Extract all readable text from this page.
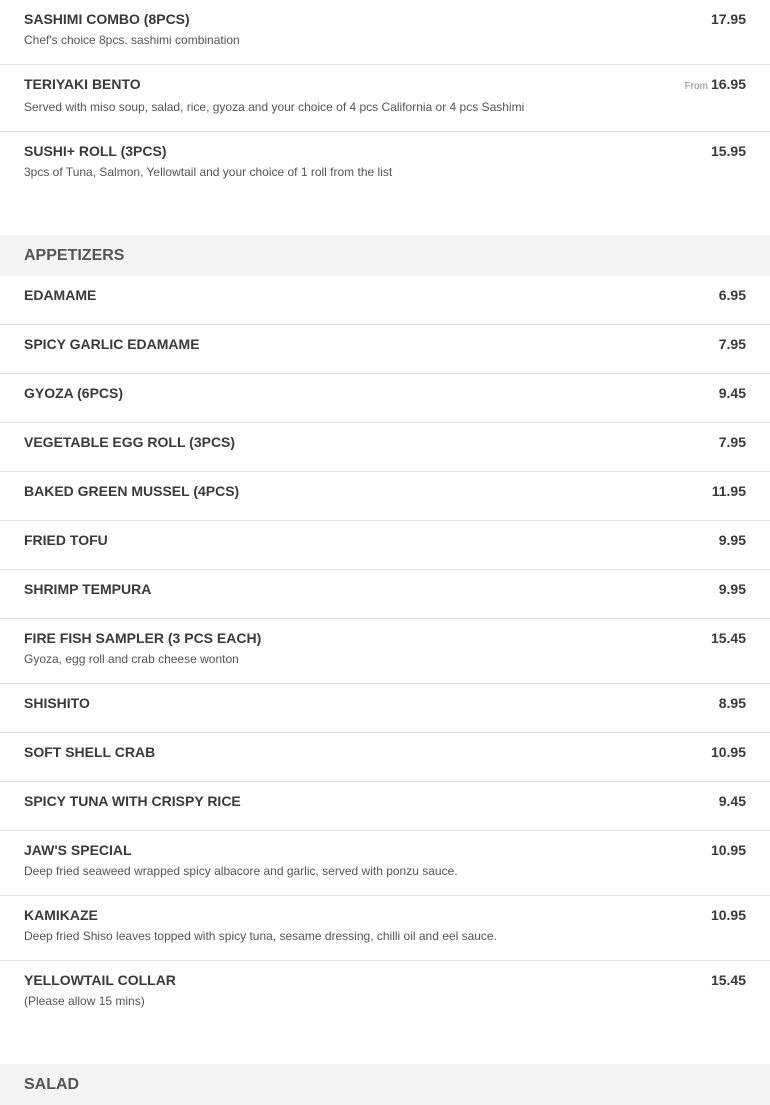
SASHIMI COMBO (8PCS)	17.95
Chef's choice 8pcs. sashimi combination
TERIYAKI BENTO	From 16.95
Served with miso soup, salad, rice, gyoza and your choice of 4 pcs California or 4 pcs Sashimi
SUSHI+ ROLL (3PCS)	15.95
3pcs of Tuna, Salmon, Yellowtail and your choice of 1 roll from the list
APPETIZERS
EDAMAME	6.95
SPICY GARLIC EDAMAME	7.95
GYOZA (6PCS)	9.45
VEGETABLE EGG ROLL (3PCS)	7.95
BAKED GREEN MUSSEL (4PCS)	11.95
FRIED TOFU	9.95
SHRIMP TEMPURA	9.95
FIRE FISH SAMPLER (3 PCS EACH)	15.45
Gyoza, egg roll and crab cheese wonton
SHISHITO	8.95
SOFT SHELL CRAB	10.95
SPICY TUNA WITH CRISPY RICE	9.45
JAW'S SPECIAL	10.95
Deep fried seaweed wrapped spicy albacore and garlic, served with ponzu sauce.
KAMIKAZE	10.95
Deep fried Shiso leaves topped with spicy tuna, sesame dressing, chilli oil and eel sauce.
YELLOWTAIL COLLAR	15.45
(Please allow 15 mins)
SALAD
